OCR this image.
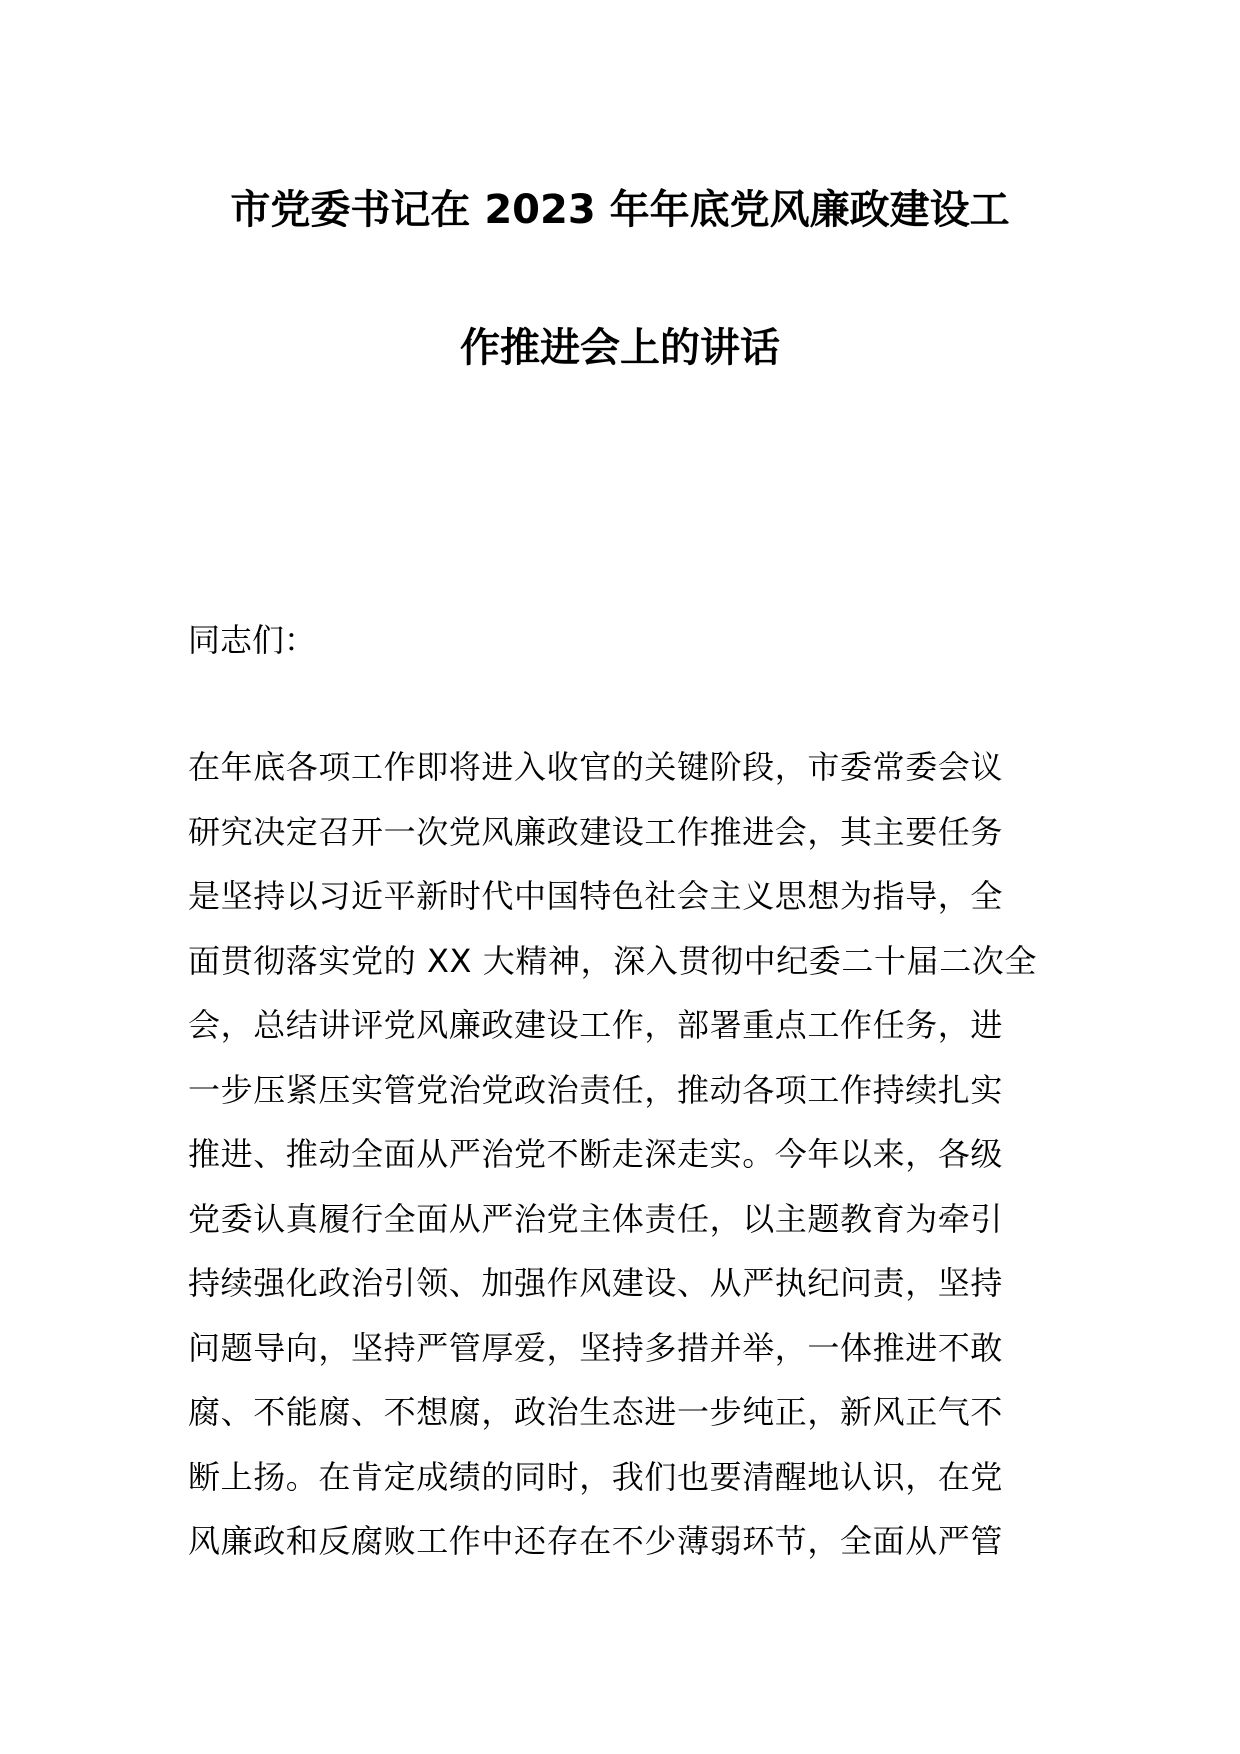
市党委书记在 2023 年年底党风廉政建设工
作推进会上的讲话
同志们：
在年底各项工作即将进入收官的关键阶段，市委常委会议
研究决定召开一次党风廉政建设工作推进会，其主要任务
是坚持以习近平新时代中国特色社会主义思想为指导，全
面贯彻落实党的 XX 大精神，深入贯彻中纪委二十届二次全
会，总结讲评党风廉政建设工作，部署重点工作任务，进
一步压紧压实管党治党政治责任，推动各项工作持续扎实
推进、推动全面从严治党不断走深走实。今年以来，各级
党委认真履行全面从严治党主体责任，以主题教育为牵引
持续强化政治引领、加强作风建设、从严执纪问责，坚持
问题导向，坚持严管厚爱，坚持多措并举，一体推进不敢
腐、不能腐、不想腐，政治生态进一步纯正，新风正气不
断上扬。在肯定成绩的同时，我们也要清醒地认识，在党
风廉政和反腐败工作中还存在不少薄弱环节，全面从严管
